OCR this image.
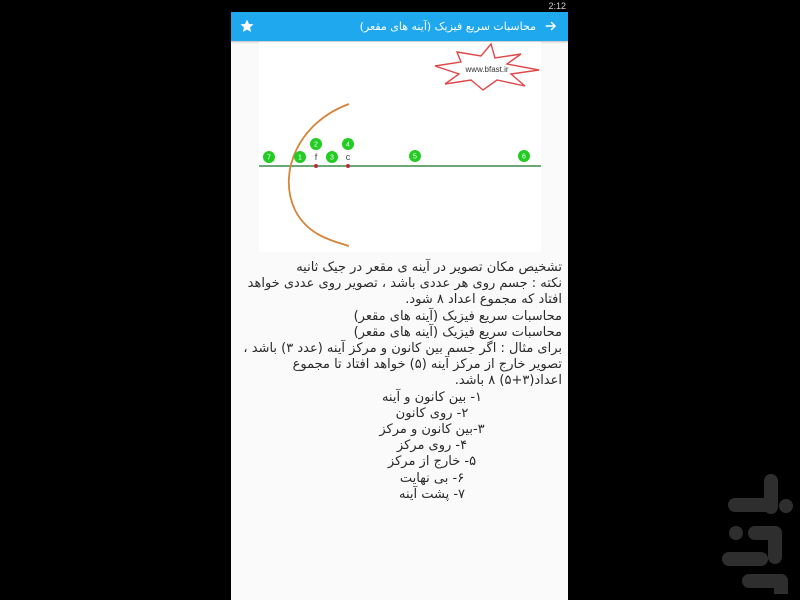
2:12
محاسبات سریع فیزیک (آینه های مقعر)
www.bfast.ir
f	c
7	1
2
3
4
5	6

تشخیص مکان تصویر در آینه ی مقعر در جیک ثانیه

نکته : جسم روی هر عددی باشد ، تصویر روی عددی خواهد افتاد که مجموع اعداد ۸ شود.

محاسبات سریع فیزیک (آینه های مقعر)

محاسبات سریع فیزیک (آینه های مقعر)

برای مثال : اگر جسم بین کانون و مرکز آینه (عدد ۳) باشد ، تصویر خارج از مرکز آینه (۵) خواهد افتاد تا مجموع اعداد(۳+۵) ۸ باشد.

۱- بین کانون و آینه
۲- روی کانون
۳-بین کانون و مرکز
۴- روی مرکز
۵- خارج از مرکز
۶- بی نهایت
۷- پشت آینه
